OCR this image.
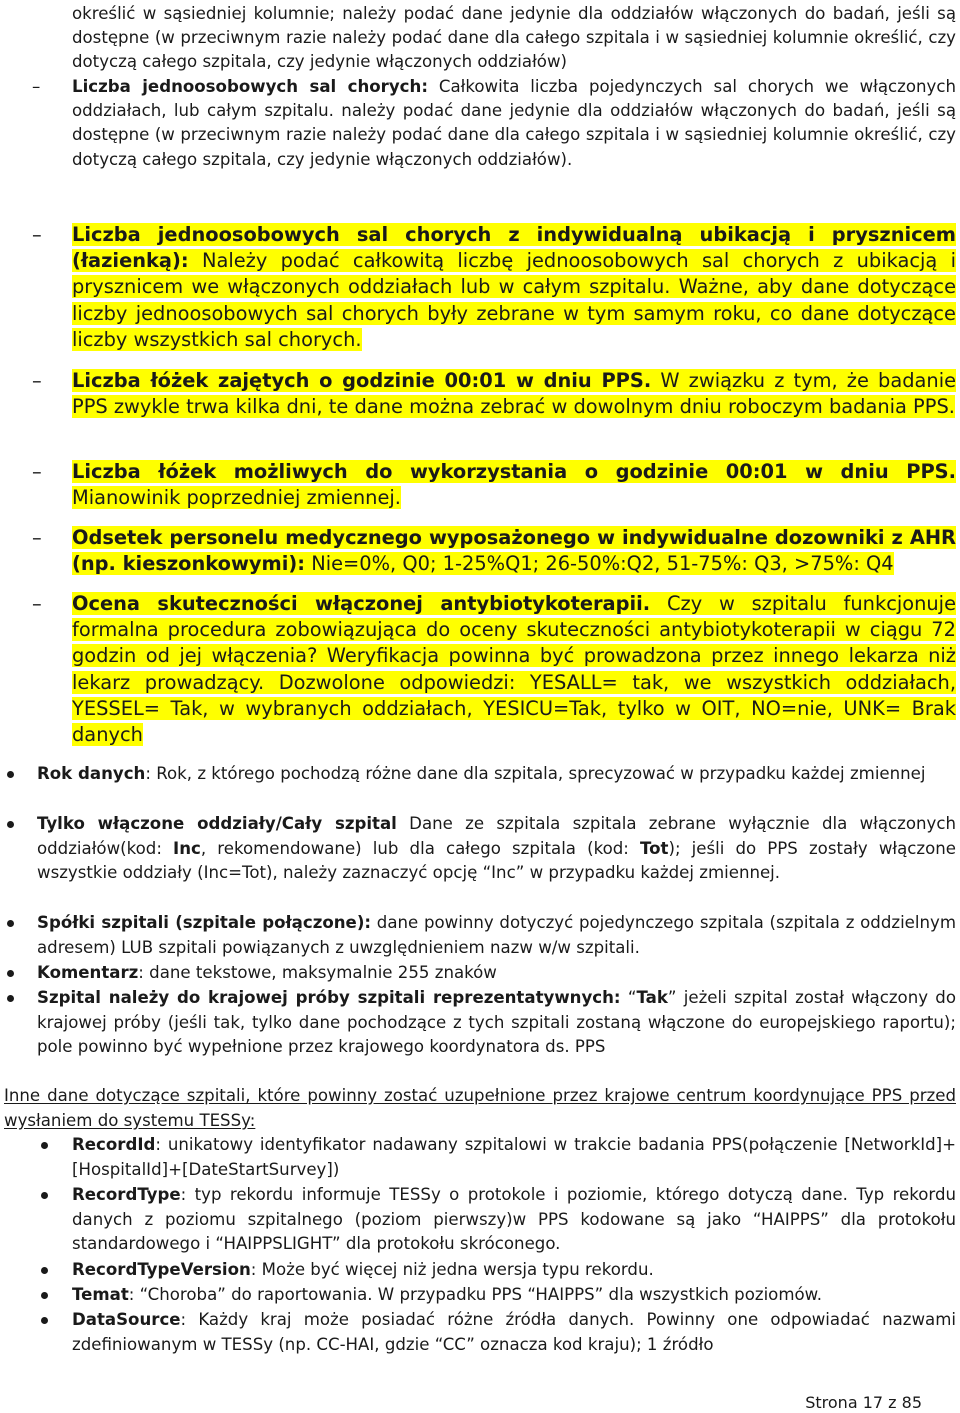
określić w sąsiedniej kolumnie; należy podać dane jedynie dla oddziałów włączonych do badań, jeśli są dostępne (w przeciwnym razie należy podać dane dla całego szpitala i w sąsiedniej kolumnie określić, czy dotyczą całego szpitala, czy jedynie włączonych oddziałów)

– Liczba jednoosobowych sal chorych: Całkowita liczba pojedynczych sal chorych we włączonych oddziałach, lub całym szpitalu. należy podać dane jedynie dla oddziałów włączonych do badań, jeśli są dostępne (w przeciwnym razie należy podać dane dla całego szpitala i w sąsiedniej kolumnie określić, czy dotyczą całego szpitala, czy jedynie włączonych oddziałów).

– Liczba jednoosobowych sal chorych z indywidualną ubikacją i prysznicem (łazienką): Należy podać całkowitą liczbę jednoosobowych sal chorych z ubikacją i prysznicem we włączonych oddziałach lub w całym szpitalu. Ważne, aby dane dotyczące liczby jednoosobowych sal chorych były zebrane w tym samym roku, co dane dotyczące liczby wszystkich sal chorych.

– Liczba łóżek zajętych o godzinie 00:01 w dniu PPS. W związku z tym, że badanie PPS zwykle trwa kilka dni, te dane można zebrać w dowolnym dniu roboczym badania PPS.

– Liczba łóżek możliwych do wykorzystania o godzinie 00:01 w dniu PPS. Mianowinik poprzedniej zmiennej.

– Odsetek personelu medycznego wyposażonego w indywidualne dozowniki z AHR (np. kieszonkowymi): Nie=0%, Q0; 1-25%Q1; 26-50%:Q2, 51-75%: Q3, >75%: Q4

– Ocena skuteczności włączonej antybiotykoterapii. Czy w szpitalu funkcjonuje formalna procedura zobowiązująca do oceny skuteczności antybiotykoterapii w ciągu 72 godzin od jej włączenia? Weryfikacja powinna być prowadzona przez innego lekarza niż lekarz prowadzący. Dozwolone odpowiedzi: YESALL= tak, we wszystkich oddziałach, YESSEL= Tak, w wybranych oddziałach, YESICU=Tak, tylko w OIT, NO=nie, UNK= Brak danych

Rok danych: Rok, z którego pochodzą różne dane dla szpitala, sprecyzować w przypadku każdej zmiennej

Tylko włączone oddziały/Cały szpital Dane ze szpitala szpitala zebrane wyłącznie dla włączonych oddziałów(kod: Inc, rekomendowane) lub dla całego szpitala (kod: Tot); jeśli do PPS zostały włączone wszystkie oddziały (Inc=Tot), należy zaznaczyć opcję “Inc” w przypadku każdej zmiennej.

Spółki szpitali (szpitale połączone): dane powinny dotyczyć pojedynczego szpitala (szpitala z oddzielnym adresem) LUB szpitali powiązanych z uwzględnieniem nazw w/w szpitali.

Komentarz: dane tekstowe, maksymalnie 255 znaków

Szpital należy do krajowej próby szpitali reprezentatywnych: “Tak” jeżeli szpital został włączony do krajowej próby (jeśli tak, tylko dane pochodzące z tych szpitali zostaną włączone do europejskiego raportu); pole powinno być wypełnione przez krajowego koordynatora ds. PPS

Inne dane dotyczące szpitali, które powinny zostać uzupełnione przez krajowe centrum koordynujące PPS przed wysłaniem do systemu TESSy:

RecordId: unikatowy identyfikator nadawany szpitalowi w trakcie badania PPS(połączenie [NetworkId]+[HospitalId]+[DateStartSurvey])

RecordType: typ rekordu informuje TESSy o protokole i poziomie, którego dotyczą dane. Typ rekordu danych z poziomu szpitalnego (poziom pierwszy)w PPS kodowane są jako “HAIPPS” dla protokołu standardowego i “HAIPPSLIGHT” dla protokołu skróconego.

RecordTypeVersion: Może być więcej niż jedna wersja typu rekordu.

Temat: “Choroba” do raportowania. W przypadku PPS “HAIPPS” dla wszystkich poziomów.

DataSource: Każdy kraj może posiadać różne źródła danych. Powinny one odpowiadać nazwami zdefiniowanym w TESSy (np. CC-HAI, gdzie “CC” oznacza kod kraju); 1 źródło

Strona 17 z 85
